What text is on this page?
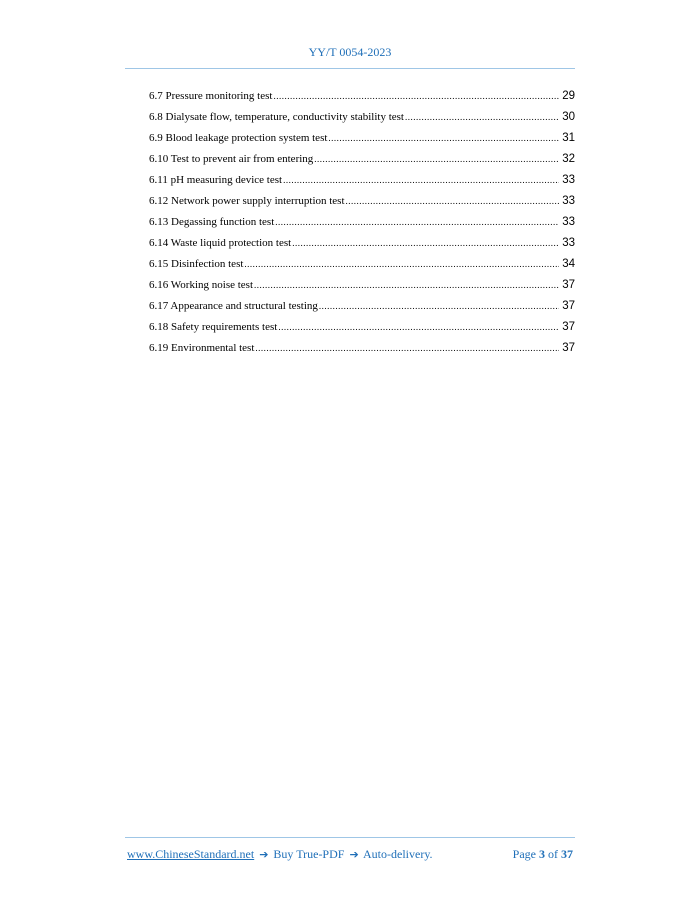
YY/T 0054-2023
6.7 Pressure monitoring test .....	29
6.8 Dialysate flow, temperature, conductivity stability test .....	30
6.9 Blood leakage protection system test .....	31
6.10 Test to prevent air from entering .....	32
6.11 pH measuring device test .....	33
6.12 Network power supply interruption test .....	33
6.13 Degassing function test .....	33
6.14 Waste liquid protection test .....	33
6.15 Disinfection test .....	34
6.16 Working noise test .....	37
6.17 Appearance and structural testing .....	37
6.18 Safety requirements test .....	37
6.19 Environmental test .....	37
www.ChineseStandard.net ➔ Buy True-PDF ➔ Auto-delivery.	Page 3 of 37
